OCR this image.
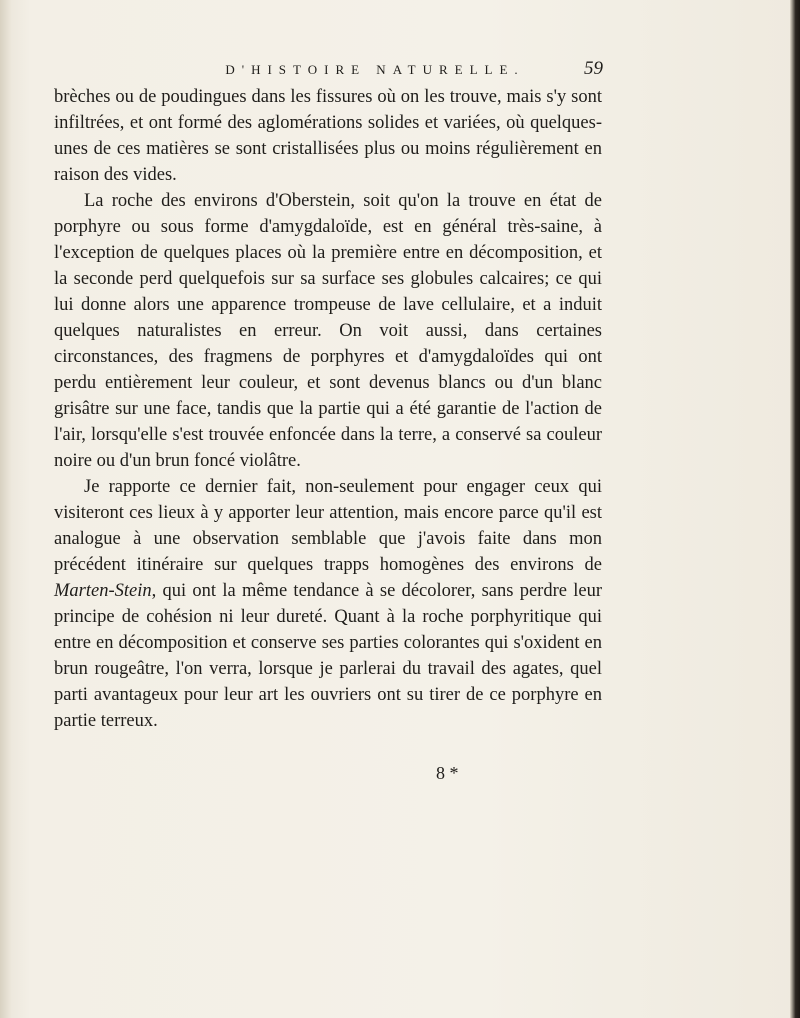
D'HISTOIRE NATURELLE.	59

brèches ou de poudingues dans les fissures où on les trouve, mais s'y sont infiltrées, et ont formé des aglomérations solides et variées, où quelques-unes de ces matières se sont cristallisées plus ou moins régulièrement en raison des vides.

La roche des environs d'Oberstein, soit qu'on la trouve en état de porphyre ou sous forme d'amygdaloïde, est en général très-saine, à l'exception de quelques places où la première entre en décomposition, et la seconde perd quelquefois sur sa surface ses globules calcaires; ce qui lui donne alors une apparence trompeuse de lave cellulaire, et a induit quelques naturalistes en erreur. On voit aussi, dans certaines circonstances, des fragmens de porphyres et d'amygdaloïdes qui ont perdu entièrement leur couleur, et sont devenus blancs ou d'un blanc grisâtre sur une face, tandis que la partie qui a été garantie de l'action de l'air, lorsqu'elle s'est trouvée enfoncée dans la terre, a conservé sa couleur noire ou d'un brun foncé violâtre.

Je rapporte ce dernier fait, non-seulement pour engager ceux qui visiteront ces lieux à y apporter leur attention, mais encore parce qu'il est analogue à une observation semblable que j'avois faite dans mon précédent itinéraire sur quelques trapps homogènes des environs de Marten-Stein, qui ont la même tendance à se décolorer, sans perdre leur principe de cohésion ni leur dureté. Quant à la roche porphyritique qui entre en décomposition et conserve ses parties colorantes qui s'oxident en brun rougeâtre, l'on verra, lorsque je parlerai du travail des agates, quel parti avantageux pour leur art les ouvriers ont su tirer de ce porphyre en partie terreux.

8 *
